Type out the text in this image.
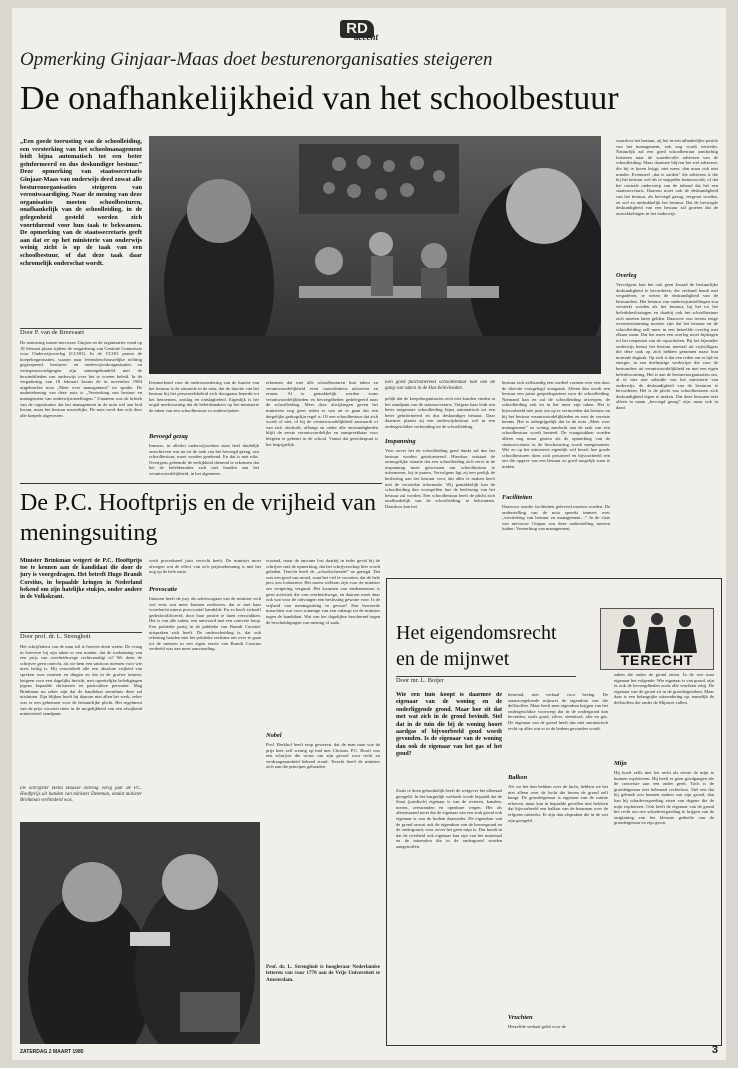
RD
accent
Opmerking Ginjaar-Maas doet besturenorganisaties steigeren
De onafhankelijkheid van het schoolbestuur
„Een goede toerusting van de schoolleiding, een versterking van het schoolmanagement leidt bijna automatisch tot een beter geïnformeerd en dus deskundiger bestuur.” Deze opmerking van staatssecretaris Ginjaar-Maas van onderwijs deed zowat alle besturenorganisaties steigeren van verontwaardiging. Naar de mening van deze organisaties moeten schoolbesturen, onafhankelijk van de schoolleiding, in de gelegenheid gesteld worden zich voortdurend voor hun taak te bekwamen. De opmerking van de staatssecretaris geeft aan dat er op het ministerie van onderwijs weinig zicht is op de taak van een schoolbestuur, of dat deze taak daar schromelijk onderschat wordt.
Door P. van de Breevaart
De aanvaring tussen mevrouw Ginjaar en de organisaties vond op 18 februari plaats tijdens de vergadering van Centrale Commissie voor Onderwijsoverleg (CCOO). In de CCOO praten de koepelorganisaties, waarin naar levensbeschouwelijke richting gegroepeerd, besturen- en onderwijsvakorganisaties en vertegenwoordigingen zijn samengebundeld met de bewindslieden van onderwijs over het te voeren beleid. In de vergadering van 18 februari kwam de in november 1984 uitgebrachte nota „Meer over management” ter sprake. De ondertekening van deze nota is „Versterking van bestuur en management van onderwijsinstellingen.” Unaniem was de kritiek van de organisaties dat het management in de nota wel aan bod kwam, maar het bestuur nauwelijks. De nota werd dan ook door alle koepels afgewezen.
Kenmerkend voor de onderwaardering van de functie van het bestuur is de zinsnede in de nota, dat de functie van het bestuur bij het personeelsbeleid zich doorgaans beperkt tot het benoemen, ontslag en ontslagbeleid. Eigenlijk is het nogal merkwaardig dat de beleidsmakers op het ministerie de taken van een schoolbestuur zo onderschatten.
Bevoegd gezag
Immers, in allerlei onderwijswetten staat heel duidelijk omschreven wat nu tot de taak van het bevoegd gezag, een schoolbestuur, moet worden gerekend. En dat is niet niks. Overigens gebeurde de eerlijkheid dienend te erkennen dat het de beleidsmaker zich niet houden aan het verantwoordelijkheid, in het algemeen.
erkennen dat met alle schoolbesturen hun taken en verantwoordelijkheid even consciëntieus uitvoeren en ernaar. Al te gemakkelijk worden soms verantwoordelijkheden en bevoegdheden gedelegeerd naar de schoolleiding. Meer door afwijkingen geven het ministerie nog geen reden er van uit te gaan dat een dergelijke gedragslijn regel is. Of een schoolbestuur dat zich wordt of niet, of bij de verantwoordelijkheid aanvaardt of van zich afschuift, afhangt en onder alle omstandigheden blijft de eerste verantwoordelijke en aanspreekbaar voor hetgeen er gebeurt in de school. Vanuit dat gezichtspunt is het begrijpelijk.
Een goed functionerend schoolbestuur kan ook de gang van zaken in de klas beïnvloeden.
pelijk dat de koepelorganisaties zich niet konden vinden in het standpunt van de staatssecretaris. Volgens haar leidt een beter toegeruste schoolleiding bijna automatisch tot een beter geïnformeerd en dus deskundiger bestuur. Daar daarmee plaatst zij een onderwijsbestuur wel in een ondergeschikte verhouding tot de schoolleiding.
Inspanning
Voor zover het de schoolleiding goed dunkt zal dus het bestuur worden geïnformeerd. Hierdoor ontstaat de onmogelijke situatie dat een schoolleiding zich eerst in de inspanning moet getroosten om schoolbestuur te informeren, bij te praten. Vervolgens ligt zij een prelijk de beslissing aan het bestuur voor, dat alles te maken heeft met de verstrekte informatie. Wij gemakkelijk kan de schoolleiding dan voorspellen hoe de beslissing van het bestuur zal worden. Een schoolbestuur heeft de plicht zich onafhankelijk van de schoolleiding, te bekwamen. Daardoor kan het
bestuur zich zelfstandig een oordeel vormen over een door de directie voorgelegd vraagstuk. Alleen dan wordt een bestuur een juiste gesprekspartner voor de schoolleiding. Niemand kan en zal de schoolleiding afwerpen; de schoolleiding ook en in het meer zijn taken. Het is bijvoorbeeld niet juist om op te vermoeden dat bestuur nu bij het bestuur verantwoordelijkheden en met de vereiste kennis. Het is onbegrijpelijk dat in de nota „Meer over management” zo weinig aandacht aan de taak van een schoolbestuur wordt besteed. De vraagstukken worden alleen nog maar gezien als de opmerking van de staatssecretaris in de beschouwing wordt meegenomen. Wie zo op het ministerie eigenlijk wel beseft hoe goede schoolbesturen doen zich personeel en bijvoorbeeld een om die opgave van een bestuur zo goed mogelijk waar te maken.
Faciliteiten
Daarvoor zonder faciliteiten geleverd moeten worden. De onderstelling van de nota spreekt immers over „versterking van bestuur en management…” In de visie van mevrouw Ginjaar zou deze onderstelling moeten luiden: Versterking van management,
waardoor het bestuur, zij het in een afhankelijke positie van het management, ook nog wordt versterkt. Natuurlijk zal een goed schoolbestuur aandachtig luisteren naar de waardevolle adviezen van de schoolleiding. Maar daarmee blijven het wel adviezen, die bij te horen krijgt, niet meer, dan maar ook niet minder. Eventueel „dat te aarden” die adviezen is die bij het bestuur wel als te stappelen beantwoordt, of dat het centrale onderwerp van de inhoud dat het een staatssecretaris. Daarom moet ook de deskundigheid van het bestuur, als bevoegd gezag, vergroot worden, en wel zo uitdrukkelijk het bestuur. Dat de bevoegde deskundigheid van een bestuur zal groeien dat de ontwikkelingen in het onderwijs.
Overleg
Vervolgens kan het ook geen kwaad de bestuurlijke deskundigheid te bevorderen, die verband houdt met vergaderen, te weten de deskundigheid van de bestuurders. Het bestuur van onderwijsinstellingen zou versterkt worden als het bestuur, bij het tot het beleidsbeslissingen en daarbij ook het schoolbestuur zich moeten laten gelden. Daarover zou tevens enige overeenstemming moeten zijn dat het bestuur en de schoolleiding zelf meer in een hetzelfde overleg met elkaar staan. Dat het meer een overleg moet bijdragen tot het toepassen van de capaciteiten. Bij het bijzonder onderwijs berust het bestuur meestal uit vrijwilligers die deze taak op zich hebben genomen naast hun normale dagtaak. Op zich is dat een reden om er tijd en energie, in een doelmatige werkwijze die voor de bestuurders uit verantwoordelijkheid en met een eigen beleidsvorming. Het is aan de besturenorganisaties om, al of niet met subsidie van het ministerie van onderwijs, de deskundigheid van de besturen te bevorderen. Het is de plicht van schoolbesturen zich deskundigheid eigen te maken. Dat deze besturen niet alleen in naam „bevoegd gezag” zijn, maar ook in daad.
De P.C. Hooftprijs en de vrijheid van meningsuiting
Minister Brinkman weigert de P.C. Hooftprijs toe te kennen aan de kandidaat die door de jury is voorgedragen. Het betreft Hugo Brandt Corstius, in bepaalde kringen in Nederland bekend om zijn hatelijke stukjes, onder andere in de Volkskrant.
Door prof. dr. L. Strenghoit
Het schrijftalent van de man stil te hoeven doen weten. De vraag in hoeverre hij zijn taken er een manier, dat de toekenning van een prijs van overheidswege rechtvaardigt is? We doen de schrijver geen onrecht, als we hem een satiricus noemen voor wie niets heilig is. Hij veroordeelt alle een absolute vrijheid van spreken over mensen en dingen en dat in de grofste termen, hetgeen voor een dagelijks bericht, met opzettelijke beledigingen jegens bepaalde christenen en particuliere personen. Mag Brinkman nu zeker zijn dat de kandidaat sternthuis deze zal uitsluiten. Zijn blijken hoeft hij daarom niet allen het werk, zeker was er een geheimen voor de bestuurlijke plicht. Het regelment van de prijs voorziet niets in de mogelijkheid van een afwijkend ministerieel standpunt.
De schrijfster Hella Haasse ontving vorig jaar de P.C. Hooftprijs uit handen van minister Deetman, omdat minister Brinkman verhinderd was.
werk procedureel juist verricht heeft. De minister moet afwegen wat de effect van zo'n prijstoekenning is met het oog op de hele natie.
Provocatie
Intussen heeft de jury als adviesorgaan van de minister zich wel eens wat meer kunnen realiseren, dat er met haar voordracht uiterst provocatief handelde. En zo heeft zichzelf gedeskwalificeerd, door haar positie te laten verzwakken. Het is van alle zaken, een antwoord met een concrete hoop. Een politieke partij in de publieke van Brandt Corstius' uitspraken zich heeft. De onderscheiding is, dat ook rekening houden met het politieke realisme om over te gaan tot de mensen in een eigen eerste van Brandt Corstius verdeeld was aan meer aanvaarding.
vroomd, maar de rancune lost daarbij in ieder geval bij de schrijver met de opmerking, dat het schrijverschap hier wordt geladen. Terecht heeft de „schoolscheerde” ne genegd. Dat was een goed van moed, want het viel te voorzien, dat de hele pers zou losbarsten. Het moest welkom zijn voor de minister om weigering vergund. Het kwamen van mediamensen is geen activiteit die van overheidswege, en daarom moet daar ook wat voor de ontvangen een beslissing gewone voor. Is de vrijheid van meningsuiting in gevaar? Een beweerde misschien wat voor sommige van een onlangs tot de minister tegen de kandidaat. Wat van het dagelijkse beschermd tegen de beschuldigingen van mening of zaak.
Nobel
Prof. Berkhof heeft erop gewezen, dat de man naar wie de prijs heet zelf weinig op had met Christus. P.C. Hooft was een schrijver die trouw om zijn gevoel voor recht en verdraagzaamheid bekend stond. Terecht heeft de minister zich aan die principes gehouden.
Prof. dr. L. Strenghoit is hoogleraar Nederlandse letteren van voor 1770 aan de Vrije Universiteit te Amsterdam.
Het eigendomsrecht en de mijnwet
Door mr. L. Boijer
TERECHT
Wie een huis koopt is daarmee de eigenaar van de woning en de onderliggende grond. Maar hoe zit dat met wat zich in de grond bevindt. Stel dat in de tuin die bij de woning hoort aardgas of bijvoorbeeld goud wordt gevonden. Is de eigenaar van de woning dan ook de eigenaar van het gas of het goud?
Zoals te doen gebruikelijk heeft de wetgever het allemaal geregeld. In het burgerlijk wetboek wordt bepaald dat de Staat (juridisch) eigenaar is van de rivieren, kanalen, meren, zeestranden en openbare wegen. Het als alleenstaand moet dat de eigenaar van een stuk grond ook eigenaar is van de bodem daaronder. De eigendom van de grond omvat ook de eigendom van de bovengrond en de ondergrond, voor zover het geen mijn is. Dat houdt in dat de overheid ook eigenaar kan zijn van het materiaal en de mineralen die in de ondergrond worden aangetroffen.
bestemd, niet verbaal voor beslag. De staatstoegekende mijnwet de eigendom van die delfstoffen. Maar heeft men eigendom krijgen van het ondergeschikte voorwerp dat in de ondergrond kan bevinden, zoals goud, zilver, steenkool, olie en gas. De eigenaar van de grond heeft dus niet automatisch recht op alles wat er in de bodem gevonden wordt.
Balkon
Als we het dan hebben over de lucht, hebben we het niet alleen over de lucht die boven de grond zelf hangt. De grondeigenaar is eigenaar van de ruimte erboven, maar kan in bepaalde gevallen niet beletten dat bijvoorbeeld een balkon van de buurman over de erfgrens uitsteekt. Er zijn dan afspraken die in de wet zijn geregeld.
Vruchten
Hetzelfde verhaal geldt voor de
zaken die onder de grond zitten. In de wet staat eigenaar het volgende: Wie eigenaar is van grond, zijn er ook de bevoegdheden zoals alle vruchten erbij. De eigenaar van de grond zit in de grondeigendom. Maar daar is een belangrijke uitzondering op, namelijk de delfstoffen die onder de Mijnwet vallen.
Mijn
Hij hoeft zelfs niet het recht als eerste de mijn te kunnen exploiteren. Hij heeft er geen goedgangen die de concessie aan een ander geeft. Toch is de grondeigenaar niet helemaal rechteloos. Stel een dat hij gebruik zou kunnen maken van zijn grond, dan kan hij schadevergoeding eisen van degene die de mijn exploiteert. Ook heeft de eigenaar van de grond het recht om een schadevergoeding te krijgen van de ontginning van het kleinste gedeelte van de grondeigenaar en zijn gezin.
ZATERDAG 2 MAART 1985	3
